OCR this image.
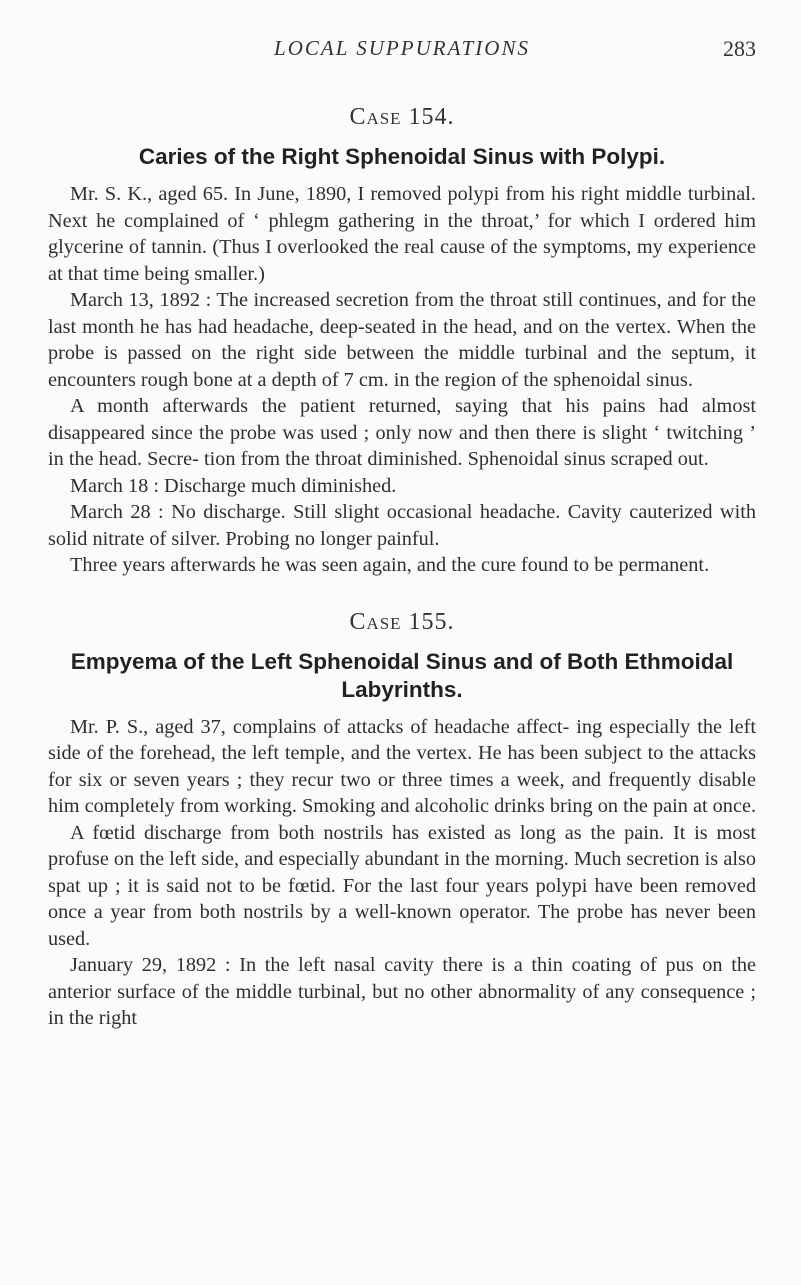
LOCAL SUPPURATIONS	283
Case 154.
Caries of the Right Sphenoidal Sinus with Polypi.

Mr. S. K., aged 65. In June, 1890, I removed polypi from his right middle turbinal. Next he complained of ‘ phlegm gathering in the throat,’ for which I ordered him glycerine of tannin. (Thus I overlooked the real cause of the symptoms, my experience at that time being smaller.)

March 13, 1892 : The increased secretion from the throat still continues, and for the last month he has had headache, deep-seated in the head, and on the vertex. When the probe is passed on the right side between the middle turbinal and the septum, it encounters rough bone at a depth of 7 cm. in the region of the sphenoidal sinus.

A month afterwards the patient returned, saying that his pains had almost disappeared since the probe was used ; only now and then there is slight ‘ twitching ’ in the head. Secre- tion from the throat diminished. Sphenoidal sinus scraped out.

March 18 : Discharge much diminished.

March 28 : No discharge. Still slight occasional headache. Cavity cauterized with solid nitrate of silver. Probing no longer painful.

Three years afterwards he was seen again, and the cure found to be permanent.

Case 155.
Empyema of the Left Sphenoidal Sinus and of Both Ethmoidal Labyrinths.

Mr. P. S., aged 37, complains of attacks of headache affect- ing especially the left side of the forehead, the left temple, and the vertex. He has been subject to the attacks for six or seven years ; they recur two or three times a week, and frequently disable him completely from working. Smoking and alcoholic drinks bring on the pain at once.

A fœtid discharge from both nostrils has existed as long as the pain. It is most profuse on the left side, and especially abundant in the morning. Much secretion is also spat up ; it is said not to be fœtid. For the last four years polypi have been removed once a year from both nostrils by a well-known operator. The probe has never been used.

January 29, 1892 : In the left nasal cavity there is a thin coating of pus on the anterior surface of the middle turbinal, but no other abnormality of any consequence ; in the right
